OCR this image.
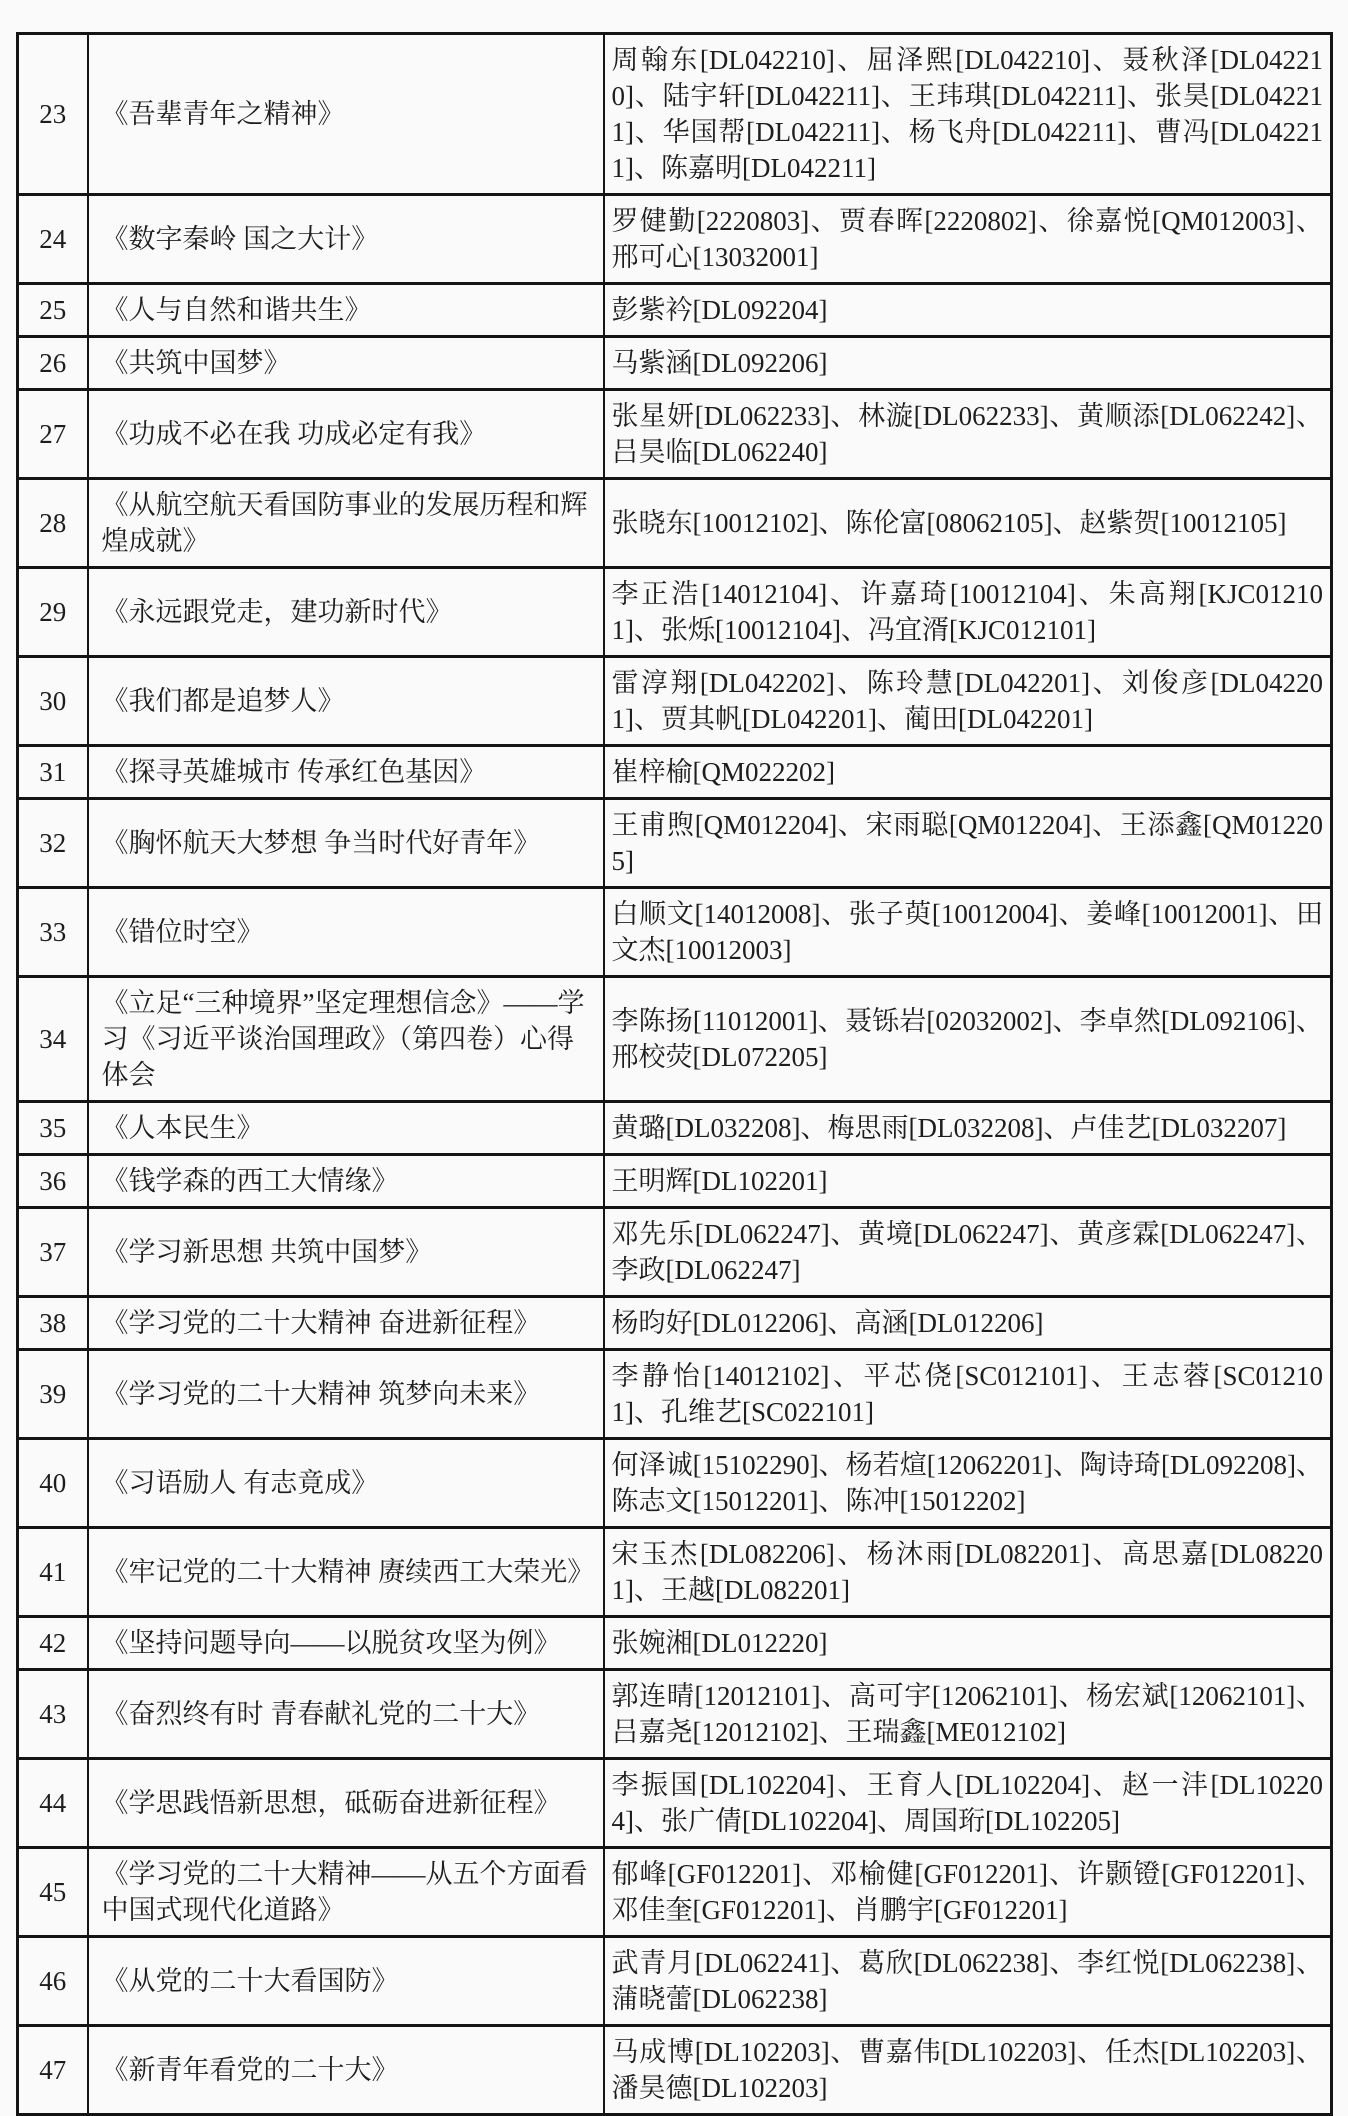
23	《吾辈青年之精神》	周翰东[DL042210]、屈泽熙[DL042210]、聂秋泽[DL042210]、陆宇轩[DL042211]、王玮琪[DL042211]、张昊[DL042211]、华国帮[DL042211]、杨飞舟[DL042211]、曹冯[DL042211]、陈嘉明[DL042211]
24	《数字秦岭 国之大计》	罗健勤[2220803]、贾春晖[2220802]、徐嘉悦[QM012003]、邢可心[13032001]
25	《人与自然和谐共生》	彭紫衿[DL092204]
26	《共筑中国梦》	马紫涵[DL092206]
27	《功成不必在我 功成必定有我》	张星妍[DL062233]、林漩[DL062233]、黄顺添[DL062242]、吕昊临[DL062240]
28	《从航空航天看国防事业的发展历程和辉煌成就》	张晓东[10012102]、陈伦富[08062105]、赵紫贺[10012105]
29	《永远跟党走，建功新时代》	李正浩[14012104]、许嘉琦[10012104]、朱高翔[KJC012101]、张烁[10012104]、冯宜湑[KJC012101]
30	《我们都是追梦人》	雷淳翔[DL042202]、陈玲慧[DL042201]、刘俊彦[DL042201]、贾其帆[DL042201]、蔺田[DL042201]
31	《探寻英雄城市 传承红色基因》	崔梓榆[QM022202]
32	《胸怀航天大梦想 争当时代好青年》	王甫煦[QM012204]、宋雨聪[QM012204]、王添鑫[QM012205]
33	《错位时空》	白顺文[14012008]、张子萸[10012004]、姜峰[10012001]、田文杰[10012003]
34	《立足“三种境界”坚定理想信念》——学习《习近平谈治国理政》（第四卷）心得体会	李陈扬[11012001]、聂铄岩[02032002]、李卓然[DL092106]、邢校荧[DL072205]
35	《人本民生》	黄璐[DL032208]、梅思雨[DL032208]、卢佳艺[DL032207]
36	《钱学森的西工大情缘》	王明辉[DL102201]
37	《学习新思想 共筑中国梦》	邓先乐[DL062247]、黄境[DL062247]、黄彦霖[DL062247]、李政[DL062247]
38	《学习党的二十大精神 奋进新征程》	杨昀好[DL012206]、高涵[DL012206]
39	《学习党的二十大精神 筑梦向未来》	李静怡[14012102]、平芯侥[SC012101]、王志蓉[SC012101]、孔维艺[SC022101]
40	《习语励人 有志竟成》	何泽诚[15102290]、杨若煊[12062201]、陶诗琦[DL092208]、陈志文[15012201]、陈冲[15012202]
41	《牢记党的二十大精神 赓续西工大荣光》	宋玉杰[DL082206]、杨沐雨[DL082201]、高思嘉[DL082201]、王越[DL082201]
42	《坚持问题导向——以脱贫攻坚为例》	张婉湘[DL012220]
43	《奋烈终有时 青春献礼党的二十大》	郭连晴[12012101]、高可宇[12062101]、杨宏斌[12062101]、吕嘉尧[12012102]、王瑞鑫[ME012102]
44	《学思践悟新思想，砥砺奋进新征程》	李振国[DL102204]、王育人[DL102204]、赵一沣[DL102204]、张广倩[DL102204]、周国珩[DL102205]
45	《学习党的二十大精神——从五个方面看中国式现代化道路》	郁峰[GF012201]、邓榆健[GF012201]、许颢镫[GF012201]、邓佳奎[GF012201]、肖鹏宇[GF012201]
46	《从党的二十大看国防》	武青月[DL062241]、葛欣[DL062238]、李红悦[DL062238]、蒲晓蕾[DL062238]
47	《新青年看党的二十大》	马成博[DL102203]、曹嘉伟[DL102203]、任杰[DL102203]、潘昊德[DL102203]
